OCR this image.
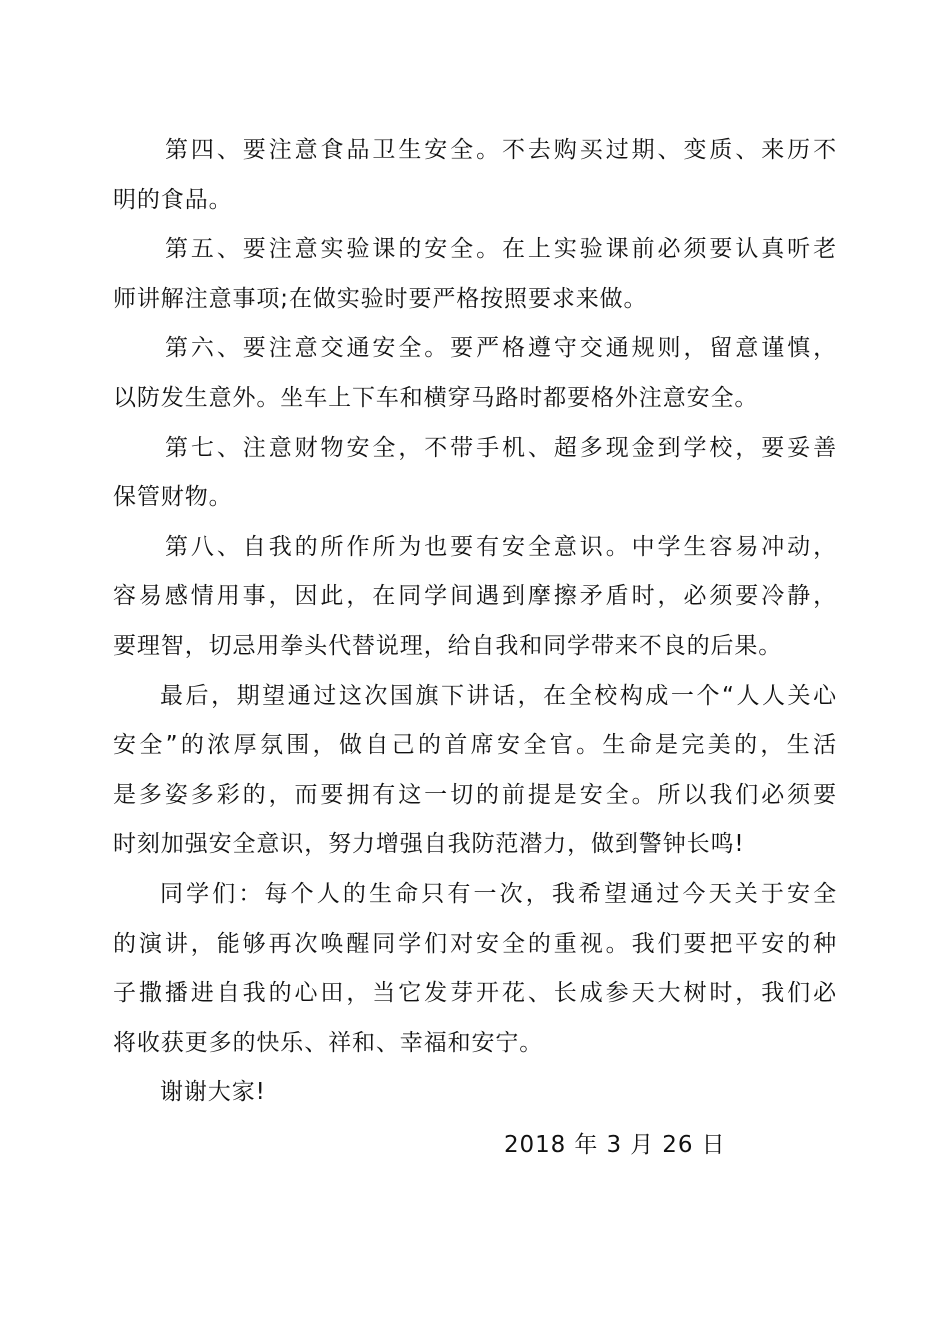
第四、要注意食品卫生安全。不去购买过期、变质、来历不
明的食品。
第五、要注意实验课的安全。在上实验课前必须要认真听老
师讲解注意事项;在做实验时要严格按照要求来做。
第六、要注意交通安全。要严格遵守交通规则，留意谨慎，
以防发生意外。坐车上下车和横穿马路时都要格外注意安全。
第七、注意财物安全，不带手机、超多现金到学校，要妥善
保管财物。
第八、自我的所作所为也要有安全意识。中学生容易冲动，
容易感情用事，因此，在同学间遇到摩擦矛盾时，必须要冷静，
要理智，切忌用拳头代替说理，给自我和同学带来不良的后果。
最后，期望通过这次国旗下讲话，在全校构成一个“人人关心
安全”的浓厚氛围，做自己的首席安全官。生命是完美的，生活
是多姿多彩的，而要拥有这一切的前提是安全。所以我们必须要
时刻加强安全意识，努力增强自我防范潜力，做到警钟长鸣!
同学们：每个人的生命只有一次，我希望通过今天关于安全
的演讲，能够再次唤醒同学们对安全的重视。我们要把平安的种
子撒播进自我的心田，当它发芽开花、长成参天大树时，我们必
将收获更多的快乐、祥和、幸福和安宁。
谢谢大家!
2018 年 3 月 26 日
